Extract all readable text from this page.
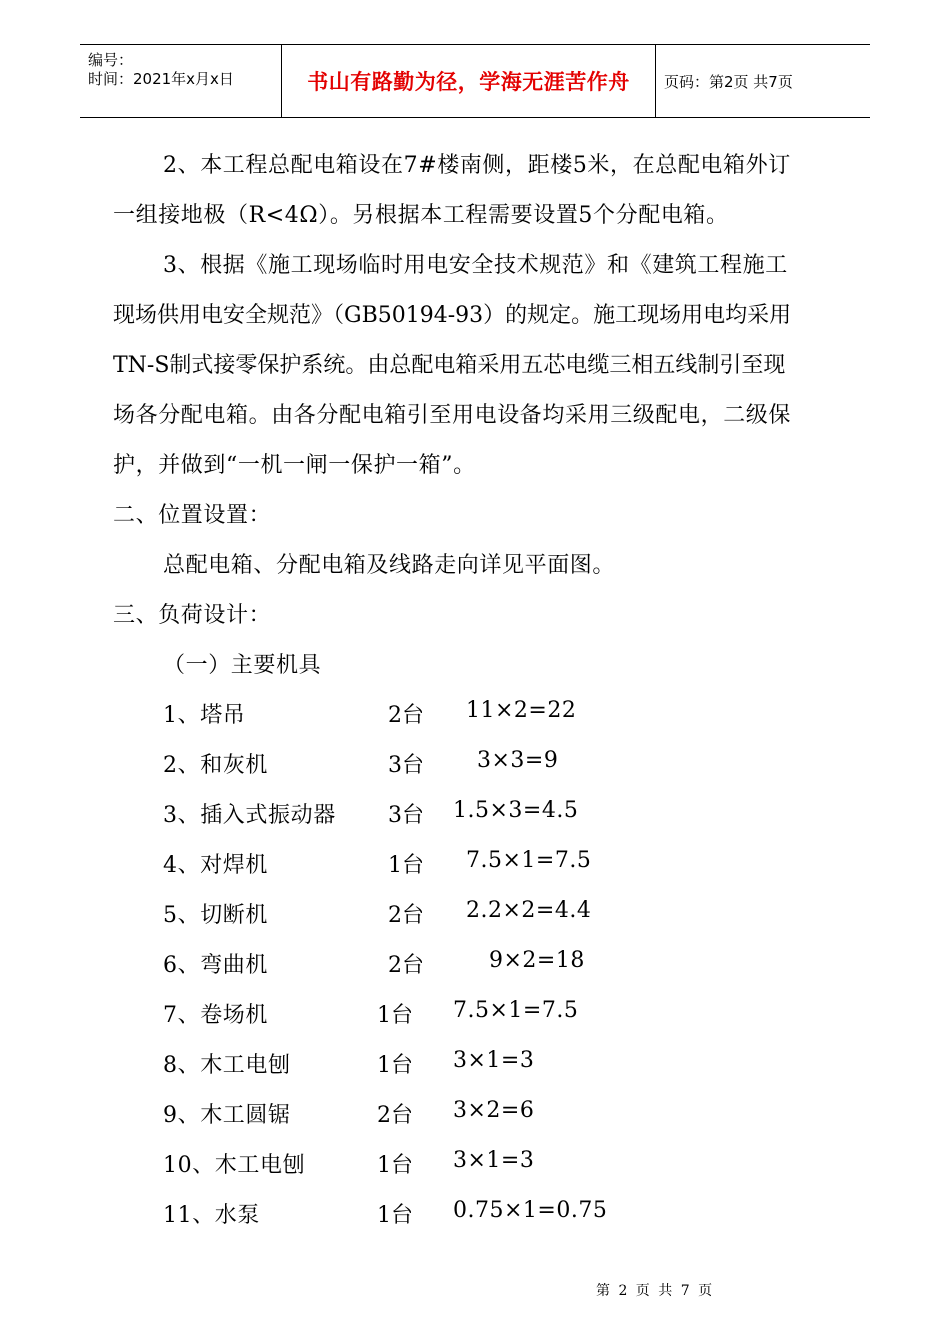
编号：
时间：2021年x月x日	书山有路勤为径，学海无涯苦作舟	页码：第2页 共7页
2、本工程总配电箱设在7#楼南侧，距楼5米，在总配电箱外订
一组接地极（R<4Ω）。另根据本工程需要设置5个分配电箱。
3、根据《施工现场临时用电安全技术规范》和《建筑工程施工
现场供用电安全规范》（GB50194-93）的规定。施工现场用电均采用
TN-S制式接零保护系统。由总配电箱采用五芯电缆三相五线制引至现
场各分配电箱。由各分配电箱引至用电设备均采用三级配电，二级保
护，并做到“一机一闸一保护一箱”。
二、位置设置：
总配电箱、分配电箱及线路走向详见平面图。
三、负荷设计：
（一）主要机具
1、塔吊	2台 11×2=22
2、和灰机	3台 3×3=9
3、插入式振动器 3台 1.5×3=4.5
4、对焊机	1台 7.5×1=7.5
5、切断机	2台 2.2×2=4.4
6、弯曲机	2台	9×2=18
7、卷场机	1台 7.5×1=7.5
8、木工电刨	1台 3×1=3
9、木工圆锯	2台 3×2=6
10、木工电刨	1台 3×1=3
11、水泵	1台 0.75×1=0.75
第 2 页 共 7 页
